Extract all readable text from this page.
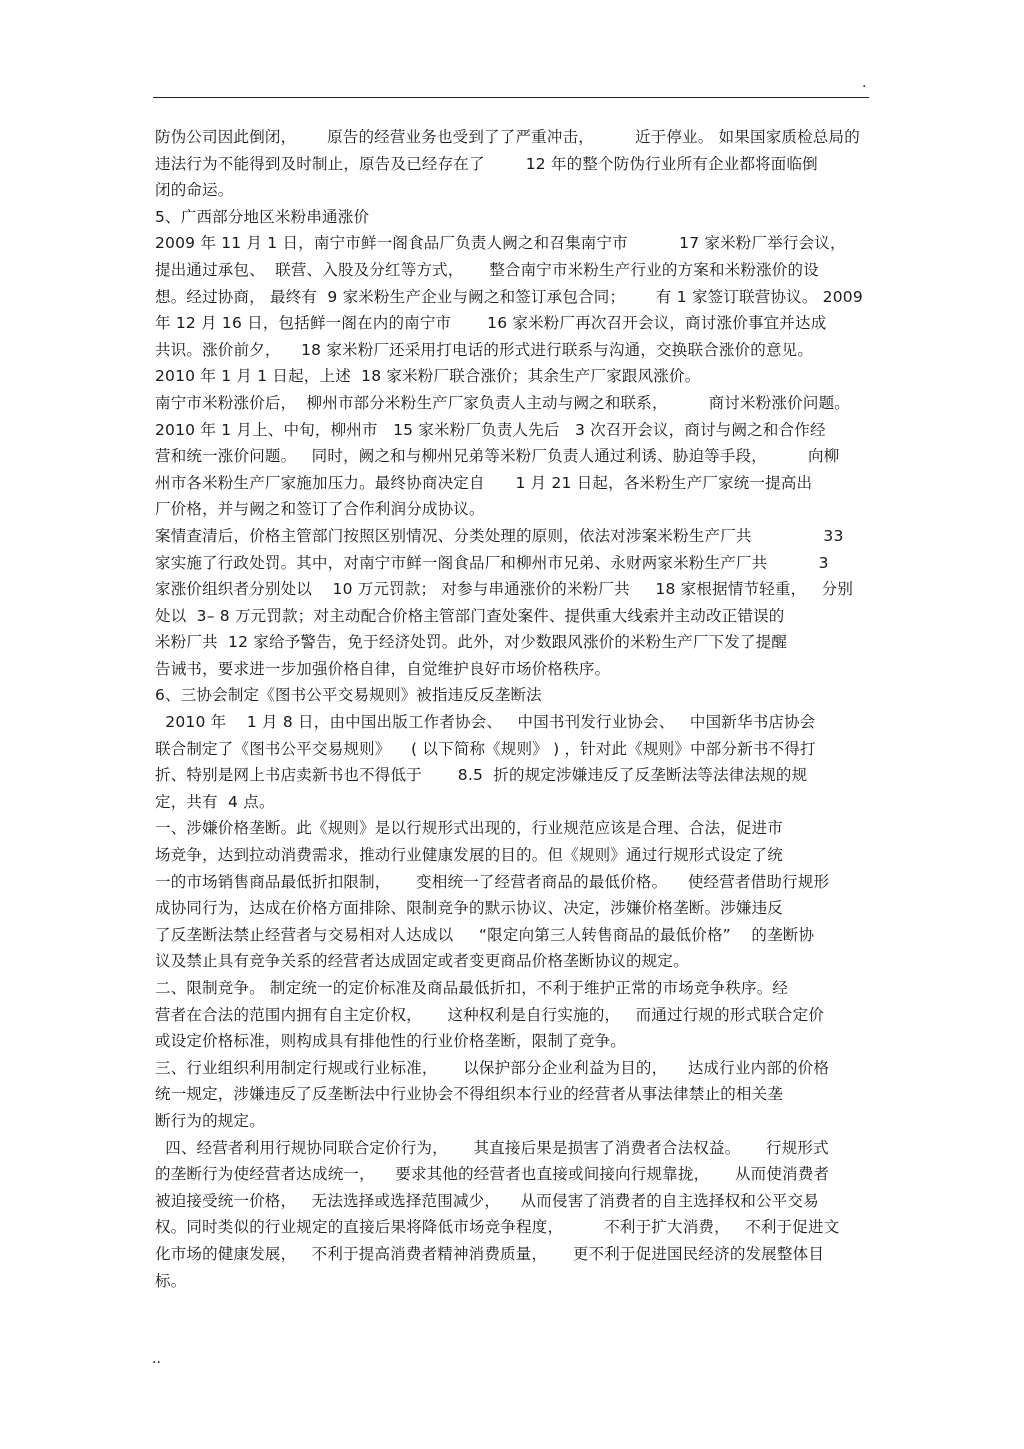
.
防伪公司因此倒闭，      原告的经营业务也受到了了严重冲击，        近于停业。 如果国家质检总局的
违法行为不能得到及时制止，原告及已经存在了        12 年的整个防伪行业所有企业都将面临倒
闭的命运。
5、广西部分地区米粉串通涨价
2009 年 11 月 1 日，南宁市鲜一阁食品厂负责人阙之和召集南宁市          17 家米粉厂举行会议，
提出通过承包、  联营、入股及分红等方式，     整合南宁市米粉生产行业的方案和米粉涨价的设
想。经过协商， 最终有  9 家米粉生产企业与阙之和签订承包合同；      有 1 家签订联营协议。 2009
年 12 月 16 日，包括鲜一阁在内的南宁市       16 家米粉厂再次召开会议，商讨涨价事宜并达成
共识。涨价前夕，    18 家米粉厂还采用打电话的形式进行联系与沟通，交换联合涨价的意见。
2010 年 1 月 1 日起，上述  18 家米粉厂联合涨价；其余生产厂家跟风涨价。
南宁市米粉涨价后，  柳州市部分米粉生产厂家负责人主动与阙之和联系，        商讨米粉涨价问题。
2010 年 1 月上、中旬，柳州市   15 家米粉厂负责人先后   3 次召开会议，商讨与阙之和合作经
营和统一涨价问题。   同时，阙之和与柳州兄弟等米粉厂负责人通过利诱、胁迫等手段，        向柳
州市各米粉生产厂家施加压力。最终协商决定自      1 月 21 日起，各米粉生产厂家统一提高出
厂价格，并与阙之和签订了合作利润分成协议。
案情查清后，价格主管部门按照区别情况、分类处理的原则，依法对涉案米粉生产厂共              33
家实施了行政处罚。其中，对南宁市鲜一阁食品厂和柳州市兄弟、永财两家米粉生产厂共          3
家涨价组织者分别处以    10 万元罚款； 对参与串通涨价的米粉厂共     18 家根据情节轻重，   分别
处以  3– 8 万元罚款；对主动配合价格主管部门查处案件、提供重大线索并主动改正错误的
米粉厂共  12 家给予警告，免于经济处罚。此外，对少数跟风涨价的米粉生产厂下发了提醒
告诫书，要求进一步加强价格自律，自觉维护良好市场价格秩序。
6、三协会制定《图书公平交易规则》被指违反反垄断法
2010 年    1 月 8 日，由中国出版工作者协会、   中国书刊发行业协会、   中国新华书店协会
联合制定了《图书公平交易规则》    ( 以下简称《规则》 ) ，针对此《规则》中部分新书不得打
折、特别是网上书店卖新书也不得低于       8.5  折的规定涉嫌违反了反垄断法等法律法规的规
定，共有  4 点。
一、涉嫌价格垄断。此《规则》是以行规形式出现的，行业规范应该是合理、合法，促进市
场竞争，达到拉动消费需求，推动行业健康发展的目的。但《规则》通过行规形式设定了统
一的市场销售商品最低折扣限制，     变相统一了经营者商品的最低价格。    使经营者借助行规形
成协同行为，达成在价格方面排除、限制竞争的默示协议、决定，涉嫌价格垄断。涉嫌违反
了反垄断法禁止经营者与交易相对人达成以     “限定向第三人转售商品的最低价格”    的垄断协
议及禁止具有竞争关系的经营者达成固定或者变更商品价格垄断协议的规定。
二、限制竞争。 制定统一的定价标准及商品最低折扣，不利于维护正常的市场竞争秩序。经
营者在合法的范围内拥有自主定价权，     这种权利是自行实施的，   而通过行规的形式联合定价
或设定价格标准，则构成具有排他性的行业价格垄断，限制了竞争。
三、行业组织利用制定行规或行业标准，     以保护部分企业利益为目的，    达成行业内部的价格
统一规定，涉嫌违反了反垄断法中行业协会不得组织本行业的经营者从事法律禁止的相关垄
断行为的规定。
四、经营者利用行规协同联合定价行为，     其直接后果是损害了消费者合法权益。     行规形式
的垄断行为使经营者达成统一，    要求其他的经营者也直接或间接向行规靠拢，     从而使消费者
被迫接受统一价格，   无法选择或选择范围减少，    从而侵害了消费者的自主选择权和公平交易
权。同时类似的行业规定的直接后果将降低市场竞争程度，        不利于扩大消费，   不利于促进文
化市场的健康发展，   不利于提高消费者精神消费质量，     更不利于促进国民经济的发展整体目
标。
..
